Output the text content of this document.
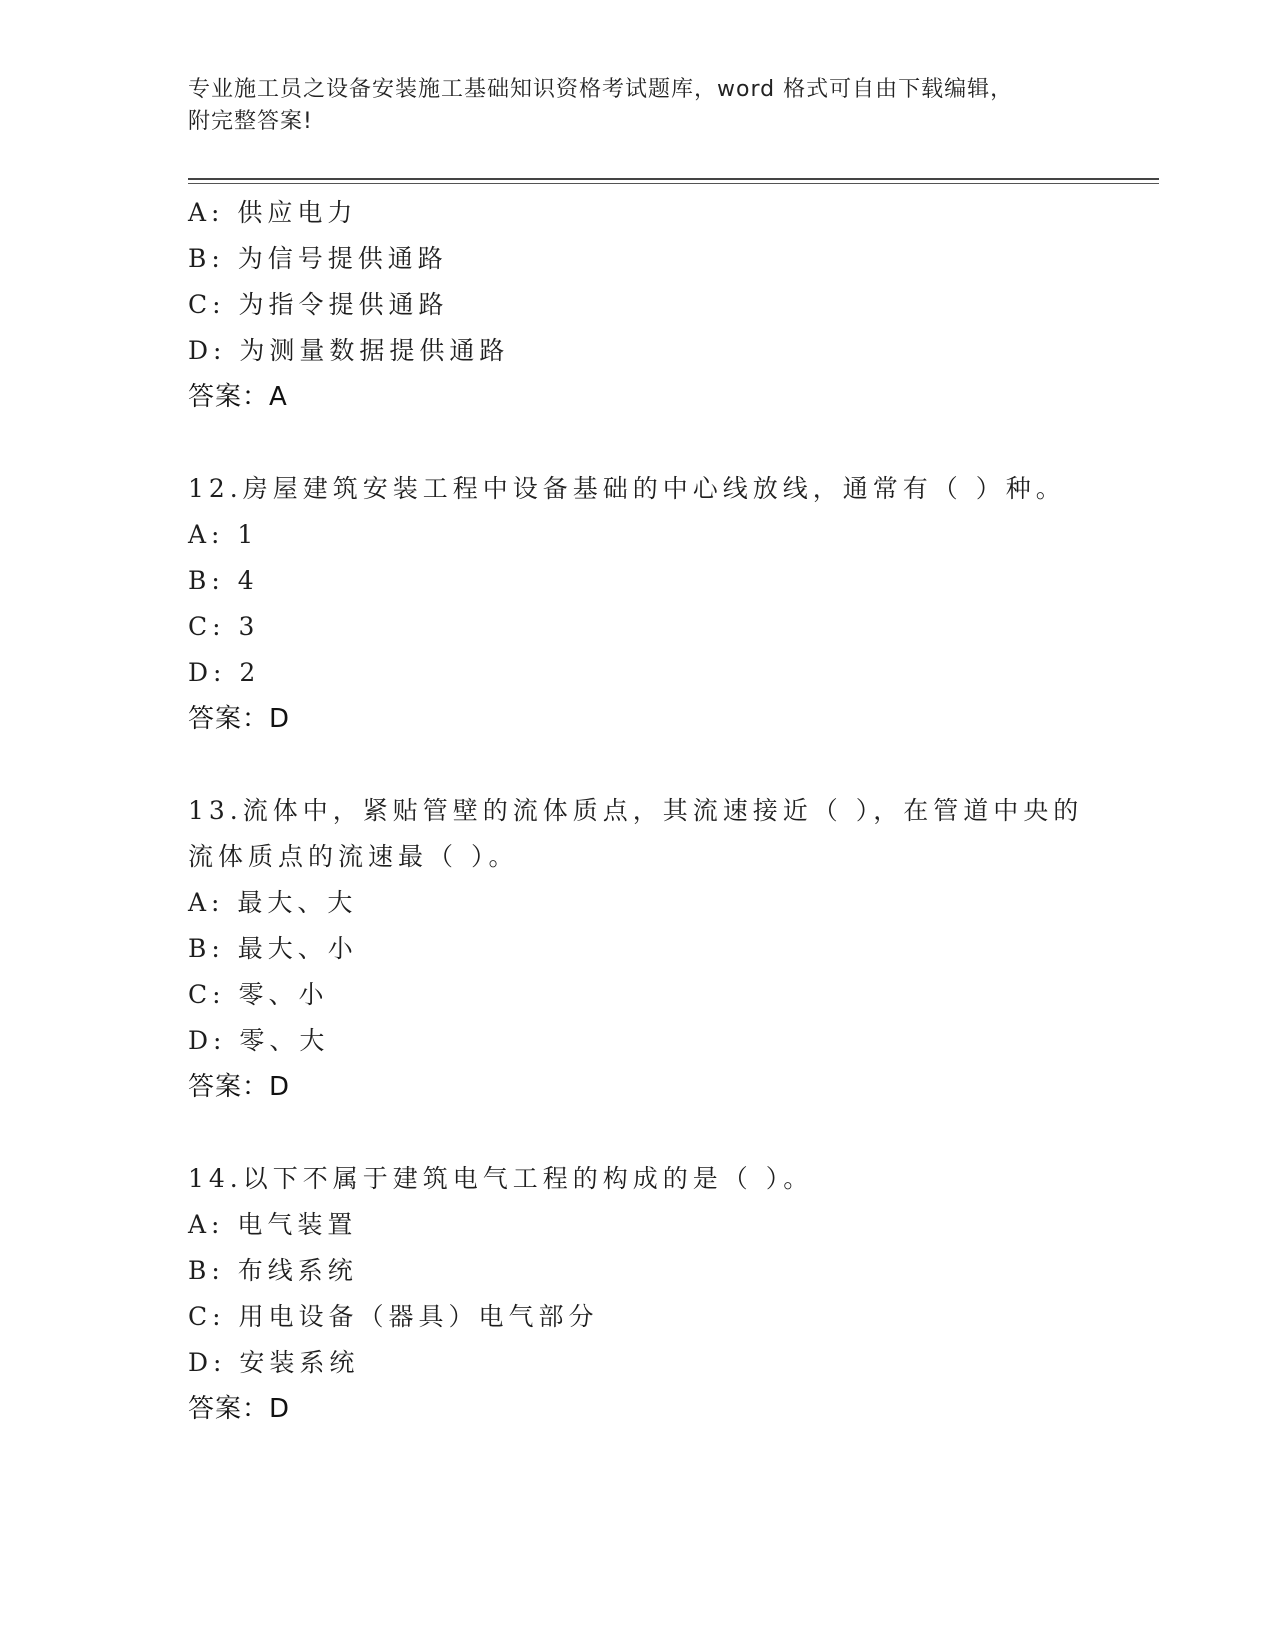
专业施工员之设备安装施工基础知识资格考试题库，word 格式可自由下载编辑，
附完整答案!
A: 供应电力
B: 为信号提供通路
C: 为指令提供通路
D: 为测量数据提供通路
答案：A
12.房屋建筑安装工程中设备基础的中心线放线，通常有（ ）种。
A: 1
B: 4
C: 3
D: 2
答案：D
13.流体中，紧贴管壁的流体质点，其流速接近（ ），在管道中央的
流体质点的流速最（ ）。
A: 最大、大
B: 最大、小
C: 零、小
D: 零、大
答案：D
14.以下不属于建筑电气工程的构成的是（ ）。
A: 电气装置
B: 布线系统
C: 用电设备（器具）电气部分
D: 安装系统
答案：D
